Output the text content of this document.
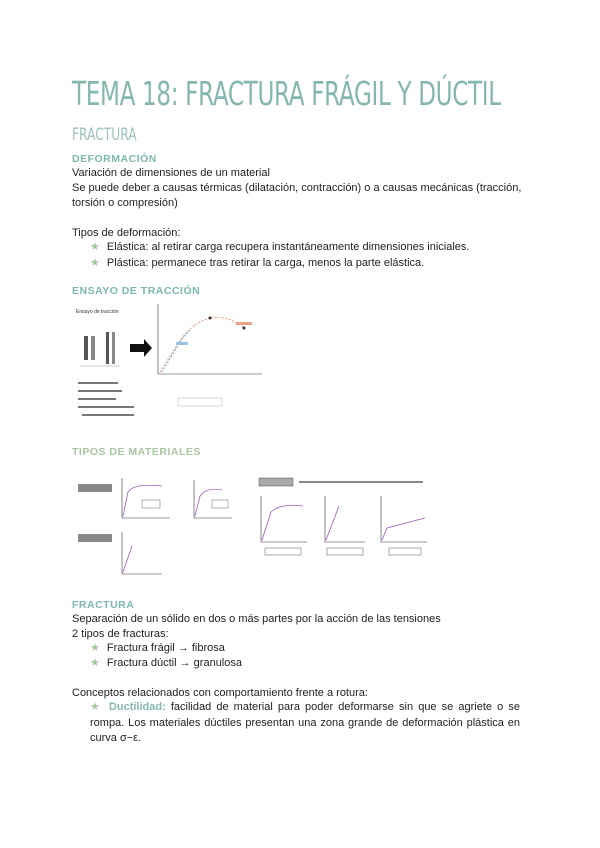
TEMA 18: FRACTURA FRÁGIL Y DÚCTIL
FRACTURA
DEFORMACIÓN
Variación de dimensiones de un material
Se puede deber a causas térmicas (dilatación, contracción) o a causas mecánicas (tracción,
torsión o compresión)
Tipos de deformación:
★ Elástica: al retirar carga recupera instantáneamente dimensiones iniciales.
★ Plástica: permanece tras retirar la carga, menos la parte elástica.
ENSAYO DE TRACCIÓN
Ensayo de tracción
TIPOS DE MATERIALES
FRACTURA
Separación de un sólido en dos o más partes por la acción de las tensiones
2 tipos de fracturas:
★ Fractura frágil → fibrosa
★ Fractura dúctil → granulosa
Conceptos relacionados con comportamiento frente a rotura:
★ Ductilidad: facilidad de material para poder deformarse sin que se agriete o se rompa. Los materiales dúctiles presentan una zona grande de deformación plástica en curva σ−ε.
